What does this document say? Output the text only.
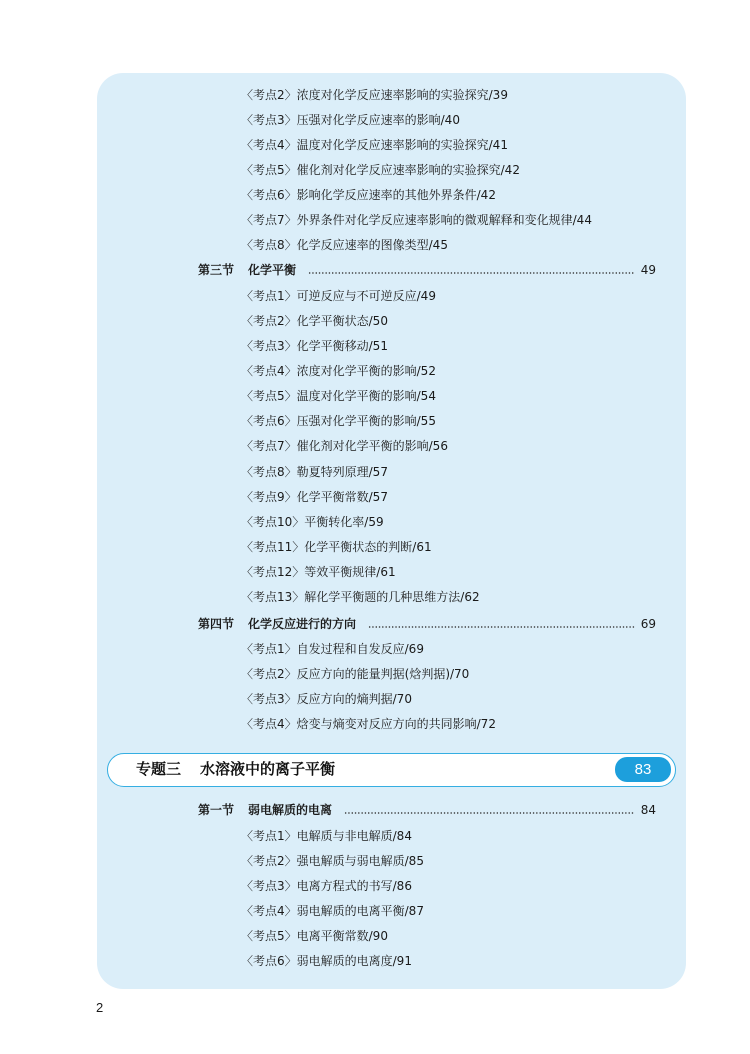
〈考点2〉浓度对化学反应速率影响的实验探究/39
〈考点3〉压强对化学反应速率的影响/40
〈考点4〉温度对化学反应速率影响的实验探究/41
〈考点5〉催化剂对化学反应速率影响的实验探究/42
〈考点6〉影响化学反应速率的其他外界条件/42
〈考点7〉外界条件对化学反应速率影响的微观解释和变化规律/44
〈考点8〉化学反应速率的图像类型/45
第三节 化学平衡	49
〈考点1〉可逆反应与不可逆反应/49
〈考点2〉化学平衡状态/50
〈考点3〉化学平衡移动/51
〈考点4〉浓度对化学平衡的影响/52
〈考点5〉温度对化学平衡的影响/54
〈考点6〉压强对化学平衡的影响/55
〈考点7〉催化剂对化学平衡的影响/56
〈考点8〉勒夏特列原理/57
〈考点9〉化学平衡常数/57
〈考点10〉平衡转化率/59
〈考点11〉化学平衡状态的判断/61
〈考点12〉等效平衡规律/61
〈考点13〉解化学平衡题的几种思维方法/62
第四节 化学反应进行的方向	69
〈考点1〉自发过程和自发反应/69
〈考点2〉反应方向的能量判据(焓判据)/70
〈考点3〉反应方向的熵判据/70
〈考点4〉焓变与熵变对反应方向的共同影响/72
专题三 水溶液中的离子平衡	83
第一节 弱电解质的电离	84
〈考点1〉电解质与非电解质/84
〈考点2〉强电解质与弱电解质/85
〈考点3〉电离方程式的书写/86
〈考点4〉弱电解质的电离平衡/87
〈考点5〉电离平衡常数/90
〈考点6〉弱电解质的电离度/91
2
